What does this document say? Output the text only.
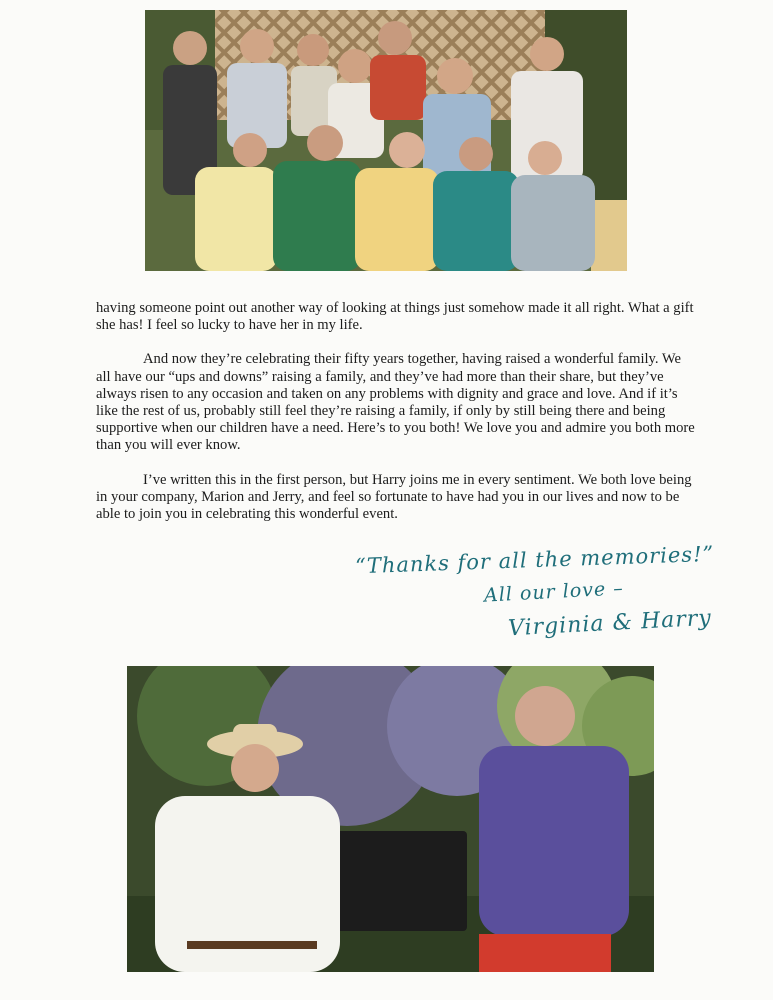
having someone point out another way of looking at things just somehow made it all right. What a gift she has! I feel so lucky to have her in my life.

And now they’re celebrating their fifty years together, having raised a wonderful family. We all have our “ups and downs” raising a family, and they’ve had more than their share, but they’ve always risen to any occasion and taken on any problems with dignity and grace and love. And if it’s like the rest of us, probably still feel they’re raising a family, if only by still being there and being supportive when our children have a need. Here’s to you both! We love you and admire you both more than you will ever know.

I’ve written this in the first person, but Harry joins me in every sentiment. We both love being in your company, Marion and Jerry, and feel so fortunate to have had you in our lives and now to be able to join you in celebrating this wonderful event.

“Thanks for all the memories!”
All our love –
Virginia & Harry
